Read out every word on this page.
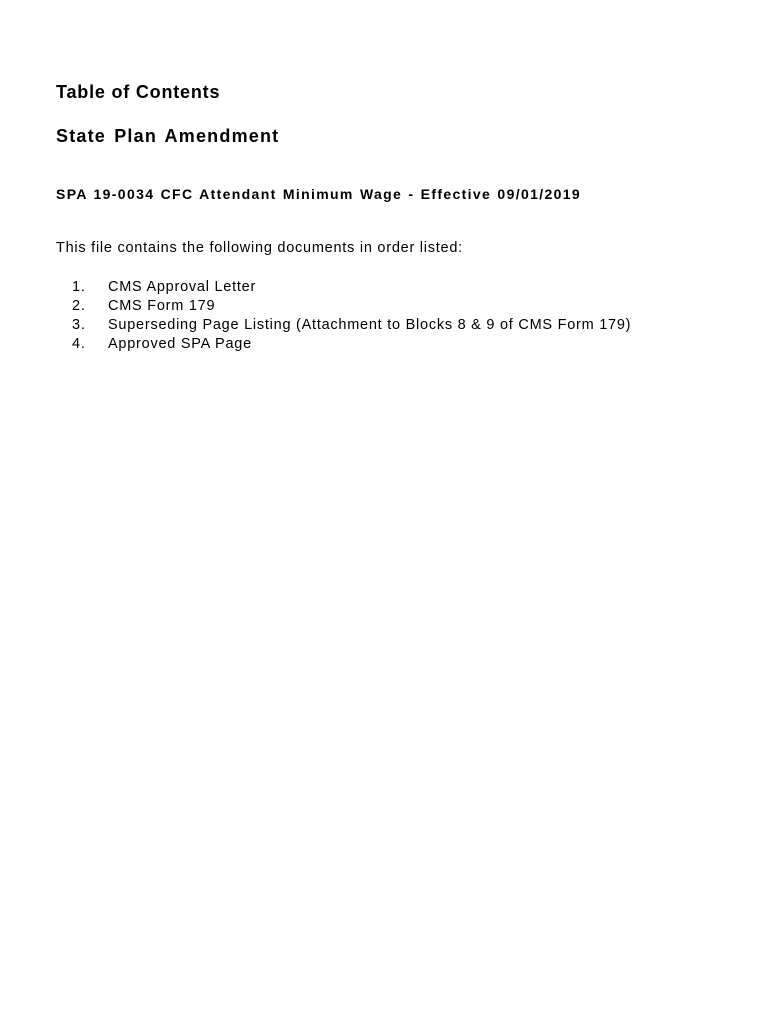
Table of Contents
State Plan Amendment

SPA 19-0034 CFC Attendant Minimum Wage - Effective 09/01/2019

This file contains the following documents in order listed:

1. CMS Approval Letter
2. CMS Form 179
3. Superseding Page Listing (Attachment to Blocks 8 & 9 of CMS Form 179)
4. Approved SPA Page
